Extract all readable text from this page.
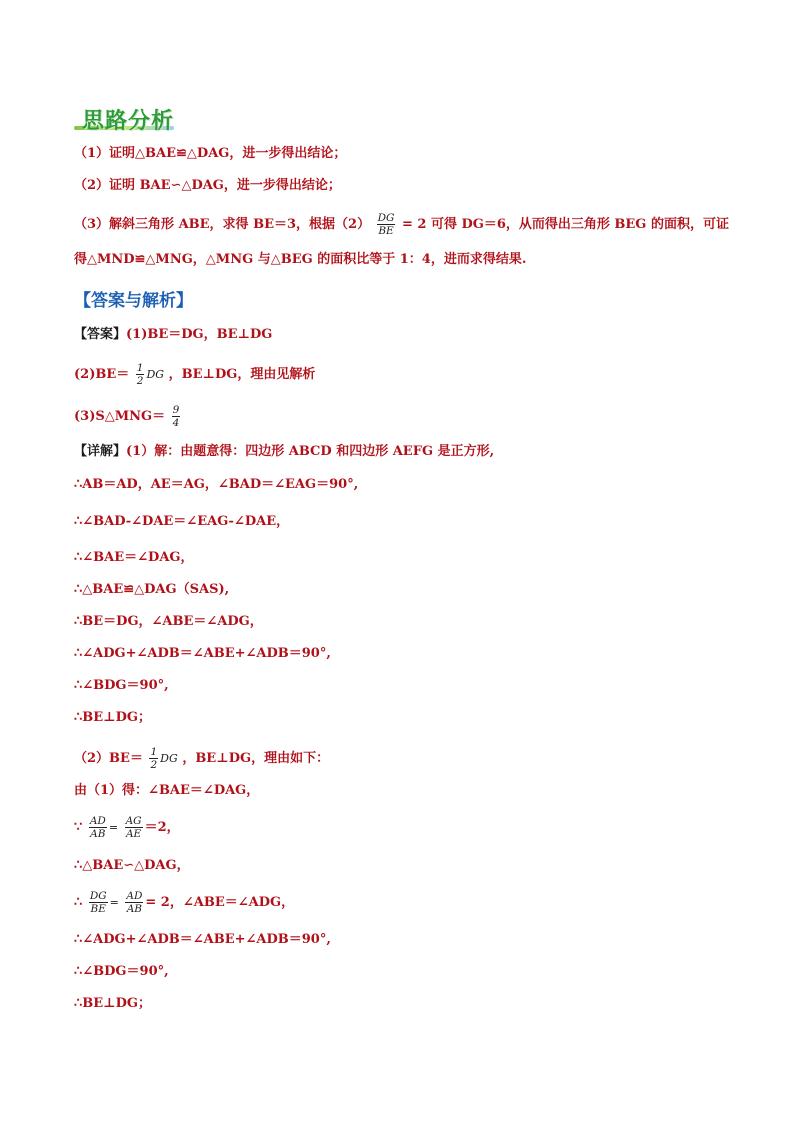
思路分析
（1）证明△BAE≌△DAG，进一步得出结论；
（2）证明 BAE∽△DAG，进一步得出结论；
（3）解斜三角形 ABE，求得 BE＝3，根据$(2) \frac{DG}{BE} = 2$ 可得 DG＝6，从而得出三角形 BEG 的面积，可证
得△MND≌△MNG，△MNG 与△BEG 的面积比等于 1：4，进而求得结果.
【答案与解析】
【答案】(1)BE＝DG，BE⊥DG
$(2)BE= \frac{1}{2}$ DG ，BE⊥DG，理由见解析
(3)S△MNG＝ $\frac{9}{4}$
【详解】(1）解：由题意得：四边形 ABCD 和四边形 AEFG 是正方形,
∴AB＝AD，AE＝AG，∠BAD＝∠EAG＝90°,
∴∠BAD-∠DAE＝∠EAG-∠DAE，
∴∠BAE＝∠DAG，
∴△BAE≌△DAG（SAS),
∴BE＝DG，∠ABE＝∠ADG，
∴∠ADG+∠ADB＝∠ABE+∠ADB＝90°,
∴∠BDG＝90°,
∴BE⊥DG；
$(2)BE= \frac{1}{2}$ DG ，BE⊥DG，理由如下：
由（1）得：∠BAE＝∠DAG，
∵ $\frac{AD}{AB} = \frac{AG}{AE} =2$，
∴△BAE∽△DAG，
∴ $\frac{DG}{BE} = \frac{AD}{AB} = 2$，∠ABE＝∠ADG，
∴∠ADG+∠ADB＝∠ABE+∠ADB＝90°,
∴∠BDG＝90°,
∴BE⊥DG；
